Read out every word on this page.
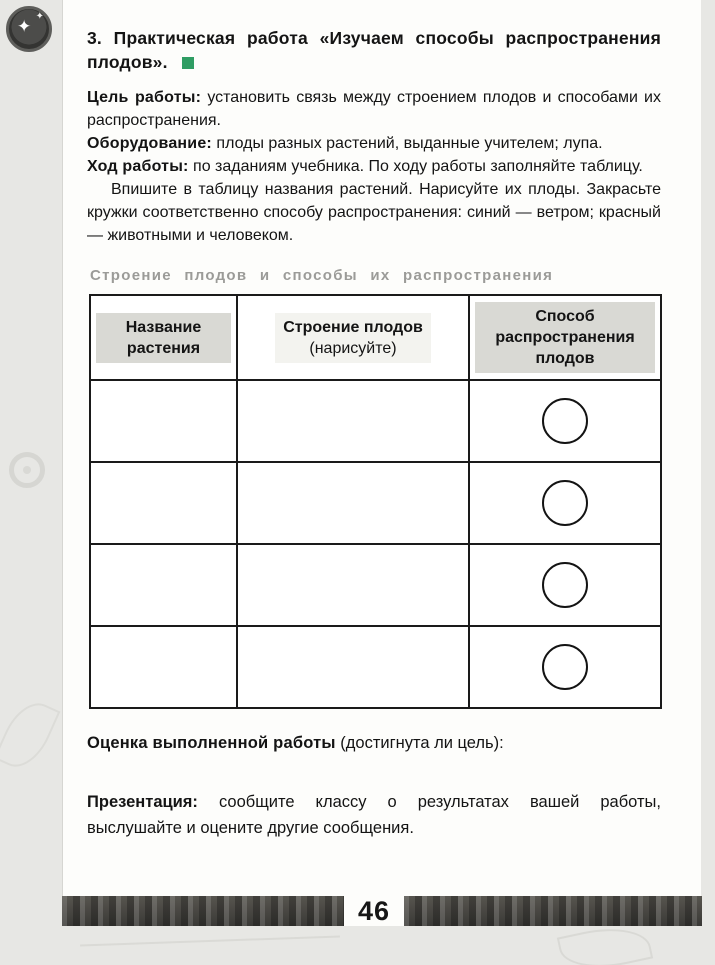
✦
✦
3. Практическая работа «Изучаем способы распространения плодов».

Цель работы: установить связь между строением плодов и способами их распространения.

Оборудование: плоды разных растений, выданные учителем; лупа.

Ход работы: по заданиям учебника. По ходу работы заполняйте таблицу.

Впишите в таблицу названия растений. Нарисуйте их плоды. Закрасьте кружки соответственно способу распространения: синий — ветром; красный — животными и человеком.

Строение плодов и способы их распространения
Название растения
Строение плодов
(нарисуйте)
Способ распространения плодов

Оценка выполненной работы (достигнута ли цель):

Презентация: сообщите классу о результатах вашей работы, выслушайте и оцените другие сообщения.

46
